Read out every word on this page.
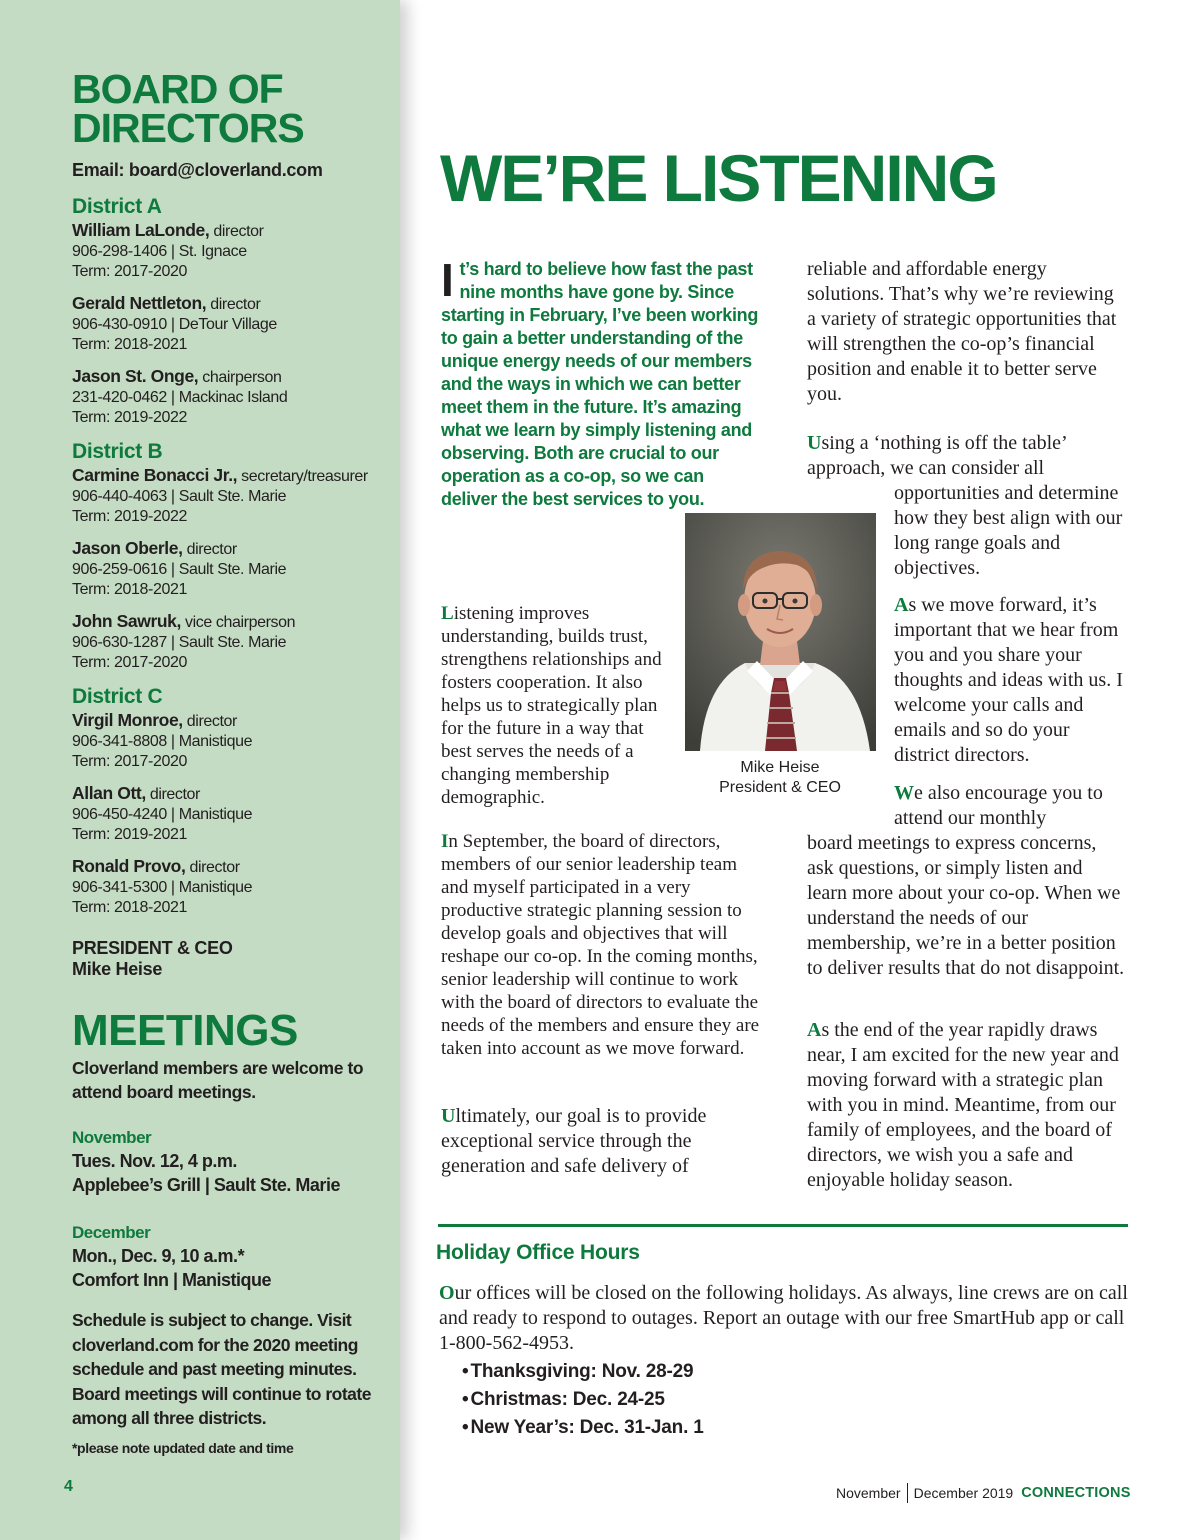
BOARD OF DIRECTORS
Email: board@cloverland.com
District A
William LaLonde, director
906-298-1406 | St. Ignace
Term: 2017-2020
Gerald Nettleton, director
906-430-0910 | DeTour Village
Term: 2018-2021
Jason St. Onge, chairperson
231-420-0462 | Mackinac Island
Term: 2019-2022
District B
Carmine Bonacci Jr., secretary/treasurer
906-440-4063 | Sault Ste. Marie
Term: 2019-2022
Jason Oberle, director
906-259-0616 | Sault Ste. Marie
Term: 2018-2021
John Sawruk, vice chairperson
906-630-1287 | Sault Ste. Marie
Term: 2017-2020
District C
Virgil Monroe, director
906-341-8808 | Manistique
Term: 2017-2020
Allan Ott, director
906-450-4240 | Manistique
Term: 2019-2021
Ronald Provo, director
906-341-5300 | Manistique
Term: 2018-2021
PRESIDENT & CEO
Mike Heise
MEETINGS

Cloverland members are welcome to attend board meetings.

November
Tues. Nov. 12, 4 p.m.
Applebee’s Grill | Sault Ste. Marie
December
Mon., Dec. 9, 10 a.m.*
Comfort Inn | Manistique

Schedule is subject to change. Visit cloverland.com for the 2020 meeting schedule and past meeting minutes. Board meetings will continue to rotate among all three districts.

*please note updated date and time

4
WE’RE LISTENING
It’s hard to believe how fast the past nine months have gone by. Since starting in February, I’ve been working to gain a better understanding of the unique energy needs of our members and the ways in which we can better meet them in the future. It’s amazing what we learn by simply listening and observing. Both are crucial to our operation as a co-op, so we can deliver the best services to you.

Listening improves understanding, builds trust, strengthens relationships and fosters cooperation. It also helps us to strategically plan for the future in a way that best serves the needs of a changing membership demographic.

In September, the board of directors, members of our senior leadership team and myself participated in a very productive strategic planning session to develop goals and objectives that will reshape our co-op. In the coming months, senior leadership will continue to work with the board of directors to evaluate the needs of the members and ensure they are taken into account as we move forward.

Ultimately, our goal is to provide exceptional service through the generation and safe delivery of

Mike Heise
President & CEO

reliable and affordable energy solutions. That’s why we’re reviewing a variety of strategic opportunities that will strengthen the co-op’s financial position and enable it to better serve you.

Using a ‘nothing is off the table’ approach, we can consider all
opportunities and determine how they best align with our long range goals and objectives.

As we move forward, it’s important that we hear from you and you share your thoughts and ideas with us. I welcome your calls and emails and so do your district directors.

We also encourage you to attend our monthly
board meetings to express concerns, ask questions, or simply listen and learn more about your co-op. When we understand the needs of our membership, we’re in a better position to deliver results that do not disappoint.

As the end of the year rapidly draws near, I am excited for the new year and moving forward with a strategic plan with you in mind. Meantime, from our family of employees, and the board of directors, we wish you a safe and enjoyable holiday season.

Holiday Office Hours

Our offices will be closed on the following holidays. As always, line crews are on call and ready to respond to outages. Report an outage with our free SmartHub app or call 1-800-562-4953.

• Thanksgiving: Nov. 28-29
• Christmas: Dec. 24-25
• New Year’s: Dec. 31-Jan. 1
November December 2019 CONNECTIONS
